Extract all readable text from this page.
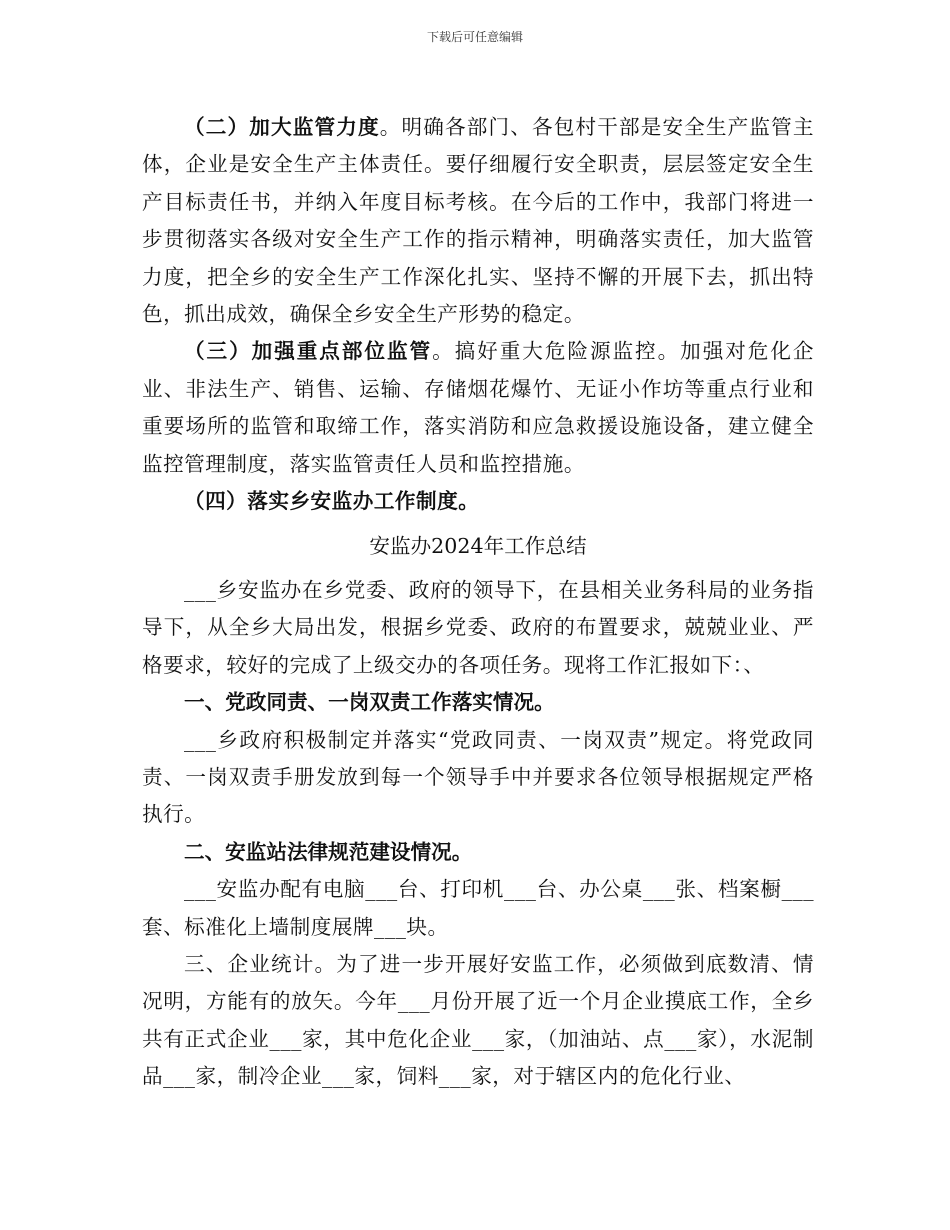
下载后可任意编辑

（二）加大监管力度。明确各部门、各包村干部是安全生产监管主体，企业是安全生产主体责任。要仔细履行安全职责，层层签定安全生产目标责任书，并纳入年度目标考核。在今后的工作中，我部门将进一步贯彻落实各级对安全生产工作的指示精神，明确落实责任，加大监管力度，把全乡的安全生产工作深化扎实、坚持不懈的开展下去，抓出特色，抓出成效，确保全乡安全生产形势的稳定。

（三）加强重点部位监管。搞好重大危险源监控。加强对危化企业、非法生产、销售、运输、存储烟花爆竹、无证小作坊等重点行业和重要场所的监管和取缔工作，落实消防和应急救援设施设备，建立健全监控管理制度，落实监管责任人员和监控措施。

（四）落实乡安监办工作制度。

安监办2024年工作总结

___乡安监办在乡党委、政府的领导下，在县相关业务科局的业务指导下，从全乡大局出发，根据乡党委、政府的布置要求，兢兢业业、严格要求，较好的完成了上级交办的各项任务。现将工作汇报如下：、

一、党政同责、一岗双责工作落实情况。

___乡政府积极制定并落实“党政同责、一岗双责”规定。将党政同责、一岗双责手册发放到每一个领导手中并要求各位领导根据规定严格执行。

二、安监站法律规范建设情况。

___安监办配有电脑___台、打印机___台、办公桌___张、档案橱___套、标准化上墙制度展牌___块。

三、企业统计。为了进一步开展好安监工作，必须做到底数清、情况明，方能有的放矢。今年___月份开展了近一个月企业摸底工作，全乡共有正式企业___家，其中危化企业___家，（加油站、点___家），水泥制品___家，制冷企业___家，饲料___家，对于辖区内的危化行业、
